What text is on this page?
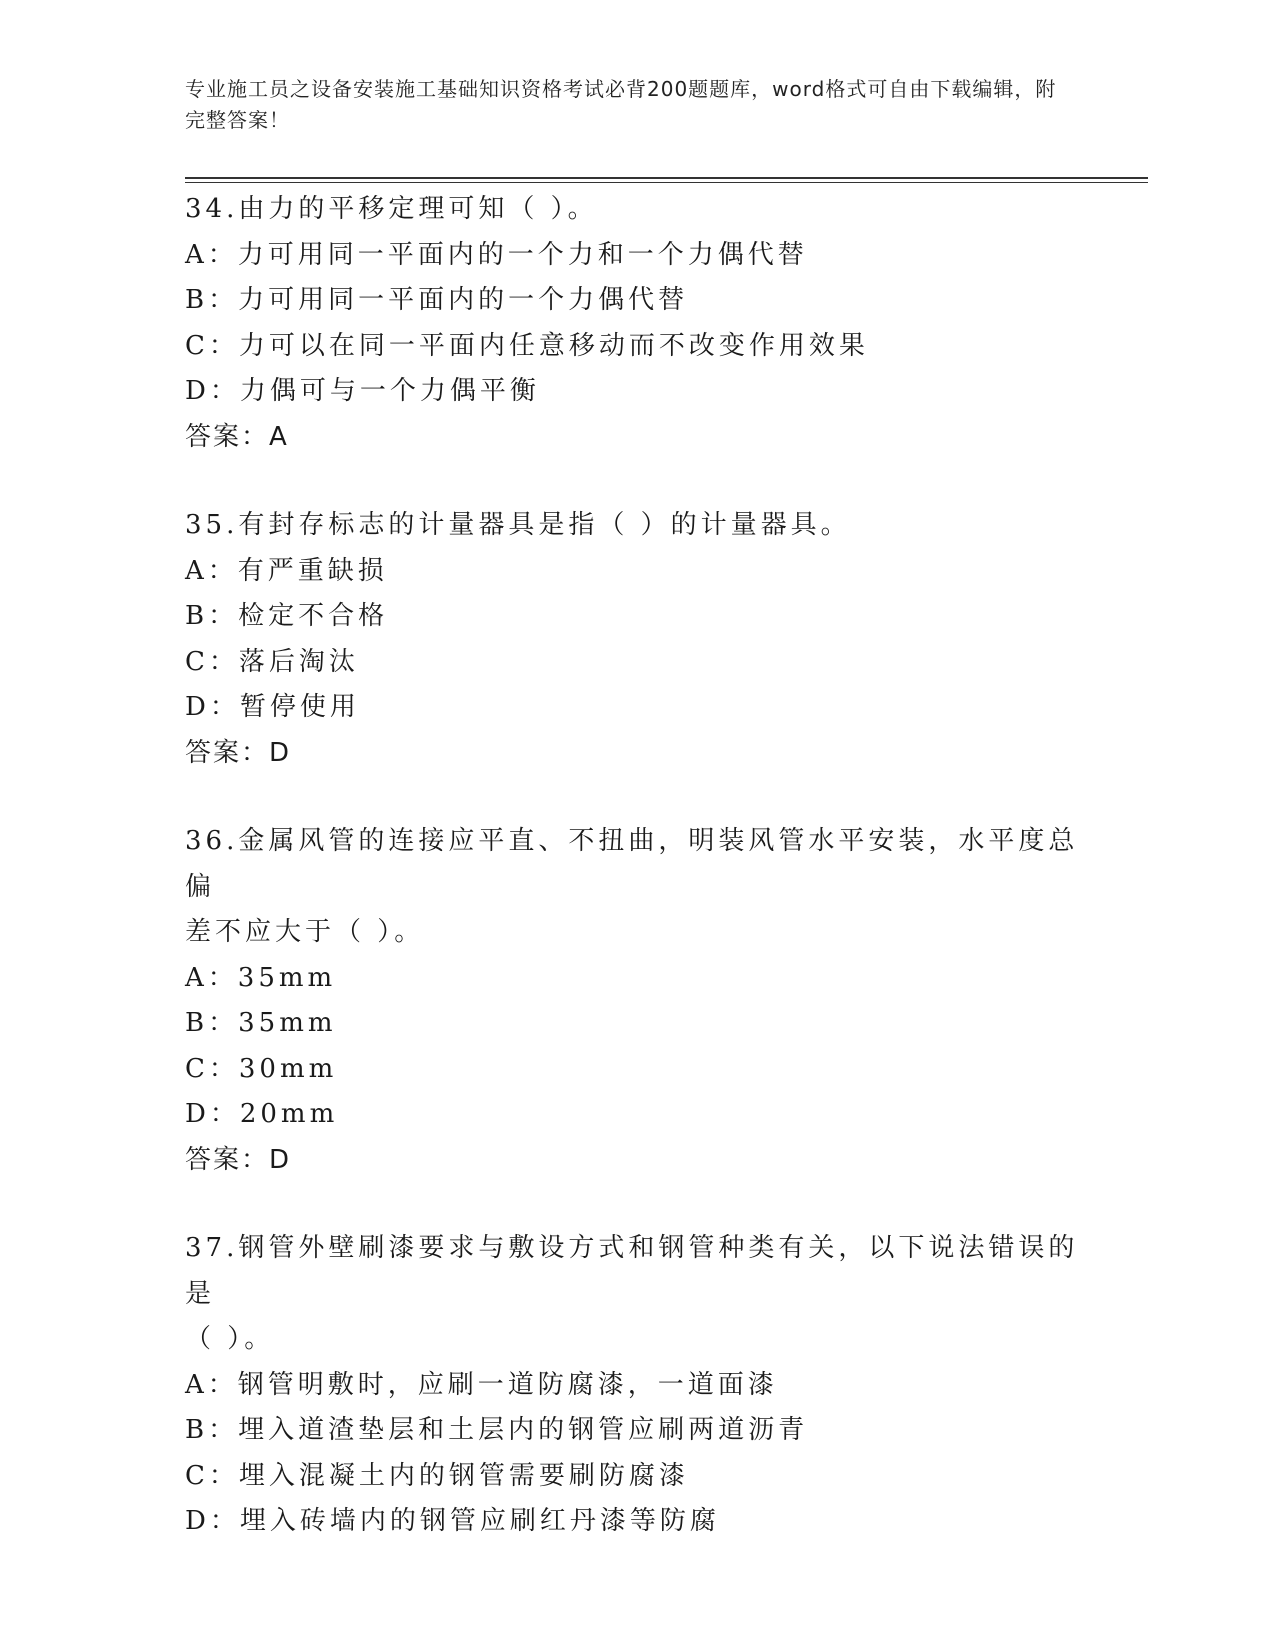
专业施工员之设备安装施工基础知识资格考试必背200题题库，word格式可自由下载编辑，附完整答案！

34.由力的平移定理可知（ ）。

A：力可用同一平面内的一个力和一个力偶代替

B：力可用同一平面内的一个力偶代替

C：力可以在同一平面内任意移动而不改变作用效果

D：力偶可与一个力偶平衡

答案：A

35.有封存标志的计量器具是指（ ）的计量器具。

A：有严重缺损

B：检定不合格

C：落后淘汰

D：暂停使用

答案：D

36.金属风管的连接应平直、不扭曲，明装风管水平安装，水平度总偏

差不应大于（ ）。

A：35mm

B：35mm

C：30mm

D：20mm

答案：D

37.钢管外壁刷漆要求与敷设方式和钢管种类有关，以下说法错误的是

（ ）。

A：钢管明敷时，应刷一道防腐漆，一道面漆

B：埋入道渣垫层和土层内的钢管应刷两道沥青

C：埋入混凝土内的钢管需要刷防腐漆

D：埋入砖墙内的钢管应刷红丹漆等防腐
